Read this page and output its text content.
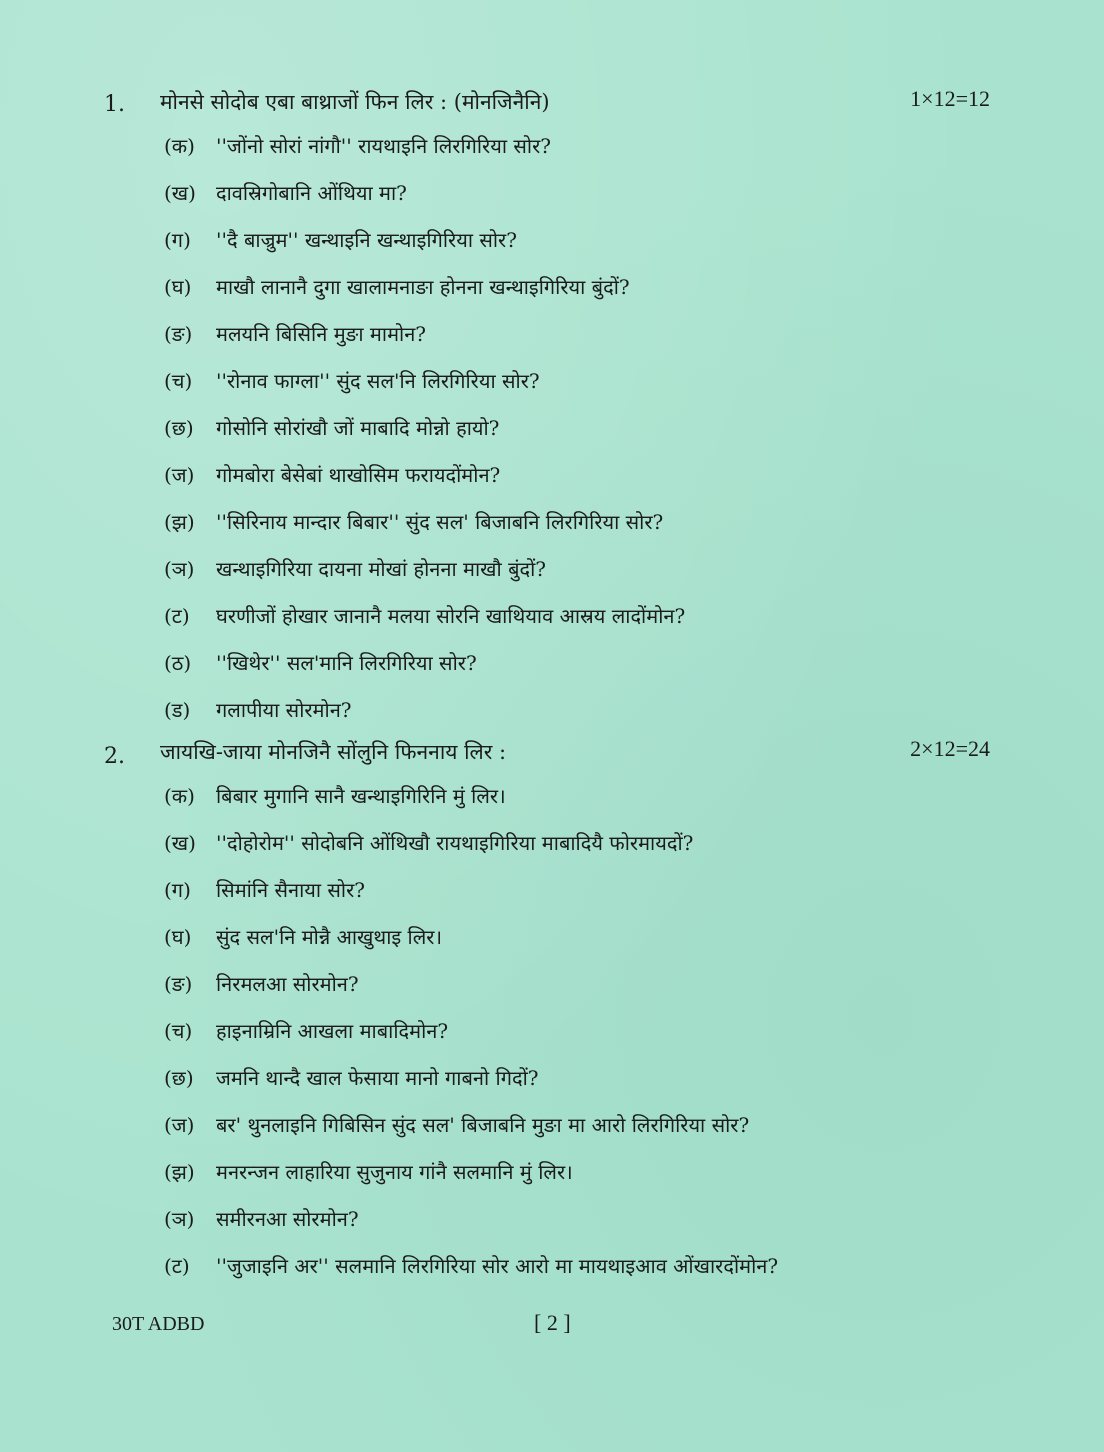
1. मोनसे सोदोब एबा बाथ्राजों फिन लिर : (मोनजिनैनि)	1×12=12
(क)	''जोंनो सोरां नांगौ'' रायथाइनि लिरगिरिया सोर?
(ख)	दावस्रिगोबानि ओंथिया मा?
(ग)	''दै बाज्रुम'' खन्थाइनि खन्थाइगिरिया सोर?
(घ)	माखौ लानानै दुगा खालामनाङा होनना खन्थाइगिरिया बुंदों?
(ङ)	मलयनि बिसिनि मुङा मामोन?
(च)	''रोनाव फाग्ला'' सुंद सल'नि लिरगिरिया सोर?
(छ)	गोसोनि सोरांखौ जों माबादि मोन्नो हायो?
(ज)	गोमबोरा बेसेबां थाखोसिम फरायदोंमोन?
(झ)	''सिरिनाय मान्दार बिबार'' सुंद सल' बिजाबनि लिरगिरिया सोर?
(ञ)	खन्थाइगिरिया दायना मोखां होनना माखौ बुंदों?
(ट)	घरणीजों होखार जानानै मलया सोरनि खाथियाव आस्रय लादोंमोन?
(ठ)	''खिथेर'' सल'मानि लिरगिरिया सोर?
(ड)	गलापीया सोरमोन?
2. जायखि-जाया मोनजिनै सोंलुनि फिननाय लिर :	2×12=24
(क)	बिबार मुगानि सानै खन्थाइगिरिनि मुं लिर।
(ख)	''दोहोरोम'' सोदोबनि ओंथिखौ रायथाइगिरिया माबादियै फोरमायदों?
(ग)	सिमांनि सैनाया सोर?
(घ)	सुंद सल'नि मोन्नै आखुथाइ लिर।
(ङ)	निरमलआ सोरमोन?
(च)	हाइनाम्रिनि आखला माबादिमोन?
(छ)	जमनि थान्दै खाल फेसाया मानो गाबनो गिदों?
(ज)	बर' थुनलाइनि गिबिसिन सुंद सल' बिजाबनि मुङा मा आरो लिरगिरिया सोर?
(झ)	मनरन्जन लाहारिया सुजुनाय गांनै सलमानि मुं लिर।
(ञ)	समीरनआ सोरमोन?
(ट)	''जुजाइनि अर'' सलमानि लिरगिरिया सोर आरो मा मायथाइआव ओंखारदोंमोन?
30T ADBD	[ 2 ]
